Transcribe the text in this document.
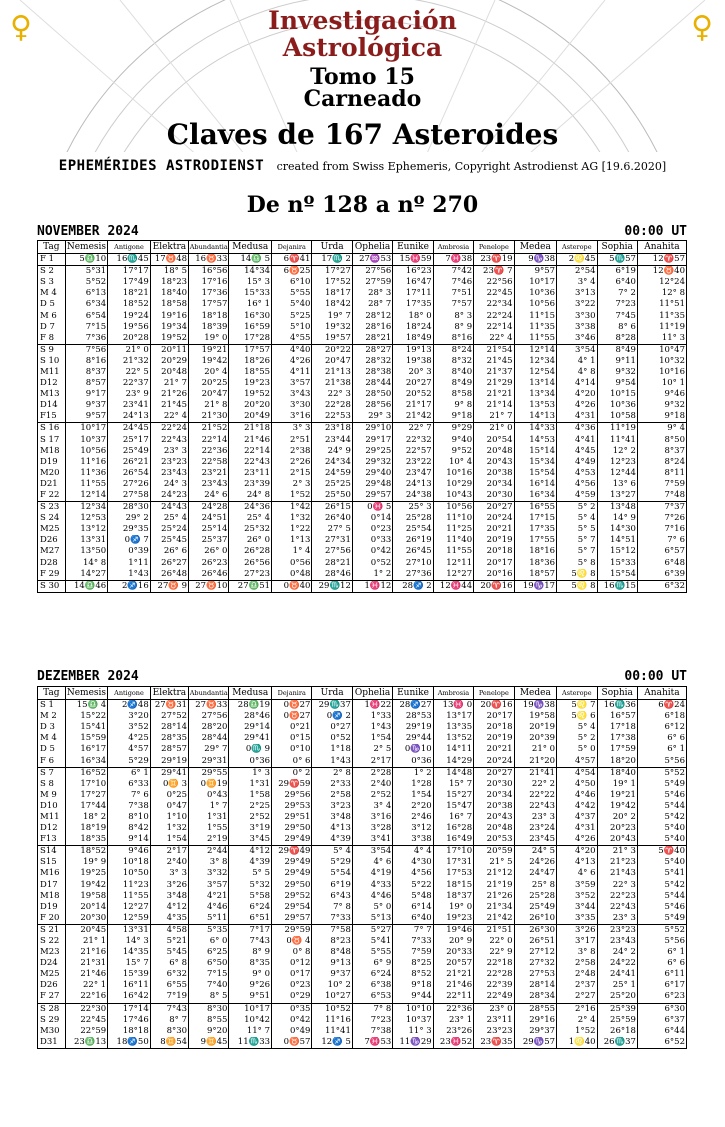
♀	♀
Investigación
Astrológica
Tomo 15
Carneado
Claves de 167 Asteroides
EPHEMÉRIDES ASTRODIENST created from Swiss Ephemeris, Copyright Astrodienst AG [19.6.2020]
De nº 128 a nº 270
NOVEMBER 2024	00:00 UT
Tag	Nemesis	Antigone	Elektra	Abundantia	Medusa	Dejanira	Urda	Ophelia	Eunike	Ambrosia	Penelope	Medea	Asterope	Sophia	Anahita
F 1	5♎10	16♏45	17♉48	16♉33	14♎ 5	6♈41	17♏ 2	27♒53	15♓59	7♓38	23♈19	9♑38	2♌45	5♏57	12♈57
S 2	5°31	17°17	18° 5	16°56	14°34	6♉25	17°27	27°56	16°23	7°42	23♈ 7	9°57	2°54	6°19	12♉40
S 3	5°52	17°49	18°23	17°16	15° 3	6°10	17°52	27°59	16°47	7°46	22°56	10°17	3° 4	6°40	12°24
M 4	6°13	18°21	18°40	17°36	15°33	5°55	18°17	28° 3	17°11	7°51	22°45	10°36	3°13	7° 2	12° 8
D 5	6°34	18°52	18°58	17°57	16° 1	5°40	18°42	28° 7	17°35	7°57	22°34	10°56	3°22	7°23	11°51
M 6	6°54	19°24	19°16	18°18	16°30	5°25	19° 7	28°12	18° 0	8° 3	22°24	11°15	3°30	7°45	11°35
D 7	7°15	19°56	19°34	18°39	16°59	5°10	19°32	28°16	18°24	8° 9	22°14	11°35	3°38	8° 6	11°19
F 8	7°36	20°28	19°52	19° 0	17°28	4°55	19°57	28°21	18°49	8°16	22° 4	11°55	3°46	8°28	11° 3
S 9	7°56	21° 0	20°11	19°21	17°57	4°40	20°22	28°27	19°13	8°24	21°54	12°14	3°54	8°49	10°47
S 10	8°16	21°32	20°29	19°42	18°26	4°26	20°47	28°32	19°38	8°32	21°45	12°34	4° 1	9°11	10°32
M11	8°37	22° 5	20°48	20° 4	18°55	4°11	21°13	28°38	20° 3	8°40	21°37	12°54	4° 8	9°32	10°16
D12	8°57	22°37	21° 7	20°25	19°23	3°57	21°38	28°44	20°27	8°49	21°29	13°14	4°14	9°54	10° 1
M13	9°17	23° 9	21°26	20°47	19°52	3°43	22° 3	28°50	20°52	8°58	21°21	13°34	4°20	10°15	9°46
D14	9°37	23°41	21°45	21° 8	20°20	3°30	22°28	28°56	21°17	9° 8	21°14	13°53	4°26	10°36	9°32
F15	9°57	24°13	22° 4	21°30	20°49	3°16	22°53	29° 3	21°42	9°18	21° 7	14°13	4°31	10°58	9°18
S 16	10°17	24°45	22°24	21°52	21°18	3° 3	23°18	29°10	22° 7	9°29	21° 0	14°33	4°36	11°19	9° 4
S 17	10°37	25°17	22°43	22°14	21°46	2°51	23°44	29°17	22°32	9°40	20°54	14°53	4°41	11°41	8°50
M18	10°56	25°49	23° 3	22°36	22°14	2°38	24° 9	29°25	22°57	9°52	20°48	15°14	4°45	12° 2	8°37
D19	11°16	26°21	23°23	22°58	22°43	2°26	24°34	29°32	23°22	10° 4	20°43	15°34	4°49	12°23	8°24
M20	11°36	26°54	23°43	23°21	23°11	2°15	24°59	29°40	23°47	10°16	20°38	15°54	4°53	12°44	8°11
D21	11°55	27°26	24° 3	23°43	23°39	2° 3	25°25	29°48	24°13	10°29	20°34	16°14	4°56	13° 6	7°59
F 22	12°14	27°58	24°23	24° 6	24° 8	1°52	25°50	29°57	24°38	10°43	20°30	16°34	4°59	13°27	7°48
S 23	12°34	28°30	24°43	24°28	24°36	1°42	26°15	0♓ 5	25° 3	10°56	20°27	16°55	5° 2	13°48	7°37
S 24	12°53	29° 2	25° 4	24°51	25° 4	1°32	26°40	0°14	25°28	11°10	20°24	17°15	5° 4	14° 9	7°26
M25	13°12	29°35	25°24	25°14	25°32	1°22	27° 5	0°23	25°54	11°25	20°21	17°35	5° 5	14°30	7°16
D26	13°31	0♐ 7	25°45	25°37	26° 0	1°13	27°31	0°33	26°19	11°40	20°19	17°55	5° 7	14°51	7° 6
M27	13°50	0°39	26° 6	26° 0	26°28	1° 4	27°56	0°42	26°45	11°55	20°18	18°16	5° 7	15°12	6°57
D28	14° 8	1°11	26°27	26°23	26°56	0°56	28°21	0°52	27°10	12°11	20°17	18°36	5° 8	15°33	6°48
F 29	14°27	1°43	26°48	26°46	27°23	0°48	28°46	1° 2	27°36	12°27	20°16	18°57	5♌ 8	15°54	6°39
S 30	14♎46	2♐16	27♉ 9	27♉10	27♎51	0♉40	29♏12	1♓12	28♐ 2	12♓44	20♈16	19♑17	5♌ 8	16♏15	6°32
DEZEMBER 2024	00:00 UT
Tag	Nemesis	Antigone	Elektra	Abundantia	Medusa	Dejanira	Urda	Ophelia	Eunike	Ambrosia	Penelope	Medea	Asterope	Sophia	Anahita
S 1	15♎ 4	2♐48	27♉31	27♉33	28♎19	0♉27	29♏37	1♓22	28♐27	13♓ 0	20♈16	19♑38	5♌ 7	16♏36	6♈24
M 2	15°22	3°20	27°52	27°56	28°46	0♉27	0♐ 2	1°33	28°53	13°17	20°17	19°58	5♌ 6	16°57	6°18
D 3	15°41	3°52	28°14	28°20	29°14	0°21	0°27	1°43	29°19	13°35	20°18	20°19	5° 4	17°18	6°12
M 4	15°59	4°25	28°35	28°44	29°41	0°15	0°52	1°54	29°44	13°52	20°19	20°39	5° 2	17°38	6° 6
D 5	16°17	4°57	28°57	29° 7	0♏ 9	0°10	1°18	2° 5	0♑10	14°11	20°21	21° 0	5° 0	17°59	6° 1
F 6	16°34	5°29	29°19	29°31	0°36	0° 6	1°43	2°17	0°36	14°29	20°24	21°20	4°57	18°20	5°56
S 7	16°52	6° 1	29°41	29°55	1° 3	0° 2	2° 8	2°28	1° 2	14°48	20°27	21°41	4°54	18°40	5°52
S 8	17°10	6°33	0♊ 3	0♊19	1°31	29♈59	2°33	2°40	1°28	15° 7	20°30	22° 2	4°50	19° 1	5°49
M 9	17°27	7° 6	0°25	0°43	1°58	29°56	2°58	2°52	1°54	15°27	20°34	22°22	4°46	19°21	5°46
D10	17°44	7°38	0°47	1° 7	2°25	29°53	3°23	3° 4	2°20	15°47	20°38	22°43	4°42	19°42	5°44
M11	18° 2	8°10	1°10	1°31	2°52	29°51	3°48	3°16	2°46	16° 7	20°43	23° 3	4°37	20° 2	5°42
D12	18°19	8°42	1°32	1°55	3°19	29°50	4°13	3°28	3°12	16°28	20°48	23°24	4°31	20°23	5°40
F13	18°35	9°14	1°54	2°19	3°45	29°49	4°39	3°41	3°38	16°49	20°53	23°45	4°26	20°43	5°40
S14	18°52	9°46	2°17	2°44	4°12	29♈49	5° 4	3°54	4° 4	17°10	20°59	24° 5	4°20	21° 3	5♈40
S15	19° 9	10°18	2°40	3° 8	4°39	29°49	5°29	4° 6	4°30	17°31	21° 5	24°26	4°13	21°23	5°40
M16	19°25	10°50	3° 3	3°32	5° 5	29°49	5°54	4°19	4°56	17°53	21°12	24°47	4° 6	21°43	5°41
D17	19°42	11°23	3°26	3°57	5°32	29°50	6°19	4°33	5°22	18°15	21°19	25° 8	3°59	22° 3	5°42
M18	19°58	11°55	3°48	4°21	5°58	29°52	6°43	4°46	5°48	18°37	21°26	25°28	3°52	22°23	5°44
D19	20°14	12°27	4°12	4°46	6°24	29°54	7° 8	5° 0	6°14	19° 0	21°34	25°49	3°44	22°43	5°46
F 20	20°30	12°59	4°35	5°11	6°51	29°57	7°33	5°13	6°40	19°23	21°42	26°10	3°35	23° 3	5°49
S 21	20°45	13°31	4°58	5°35	7°17	29°59	7°58	5°27	7° 7	19°46	21°51	26°30	3°26	23°23	5°52
S 22	21° 1	14° 3	5°21	6° 0	7°43	0♉ 4	8°23	5°41	7°33	20° 9	22° 0	26°51	3°17	23°43	5°56
M23	21°16	14°35	5°45	6°25	8° 9	0° 8	8°48	5°55	7°59	20°33	22° 9	27°12	3° 8	24° 2	6° 1
D24	21°31	15° 7	6° 8	6°50	8°35	0°12	9°13	6° 9	8°25	20°57	22°18	27°32	2°58	24°22	6° 6
M25	21°46	15°39	6°32	7°15	9° 0	0°17	9°37	6°24	8°52	21°21	22°28	27°53	2°48	24°41	6°11
D26	22° 1	16°11	6°55	7°40	9°26	0°23	10° 2	6°38	9°18	21°46	22°39	28°14	2°37	25° 1	6°17
F 27	22°16	16°42	7°19	8° 5	9°51	0°29	10°27	6°53	9°44	22°11	22°49	28°34	2°27	25°20	6°23
S 28	22°30	17°14	7°43	8°30	10°17	0°35	10°52	7° 8	10°10	22°36	23° 0	28°55	2°16	25°39	6°30
S 29	22°45	17°46	8° 7	8°55	10°42	0°42	11°16	7°23	10°37	23° 1	23°11	29°16	2° 4	25°59	6°37
M30	22°59	18°18	8°30	9°20	11° 7	0°49	11°41	7°38	11° 3	23°26	23°23	29°37	1°52	26°18	6°44
D31	23♎13	18♐50	8♊54	9♊45	11♏33	0♉57	12♐ 5	7♓53	11♑29	23♓52	23♈35	29♑57	1♌40	26♏37	6°52
